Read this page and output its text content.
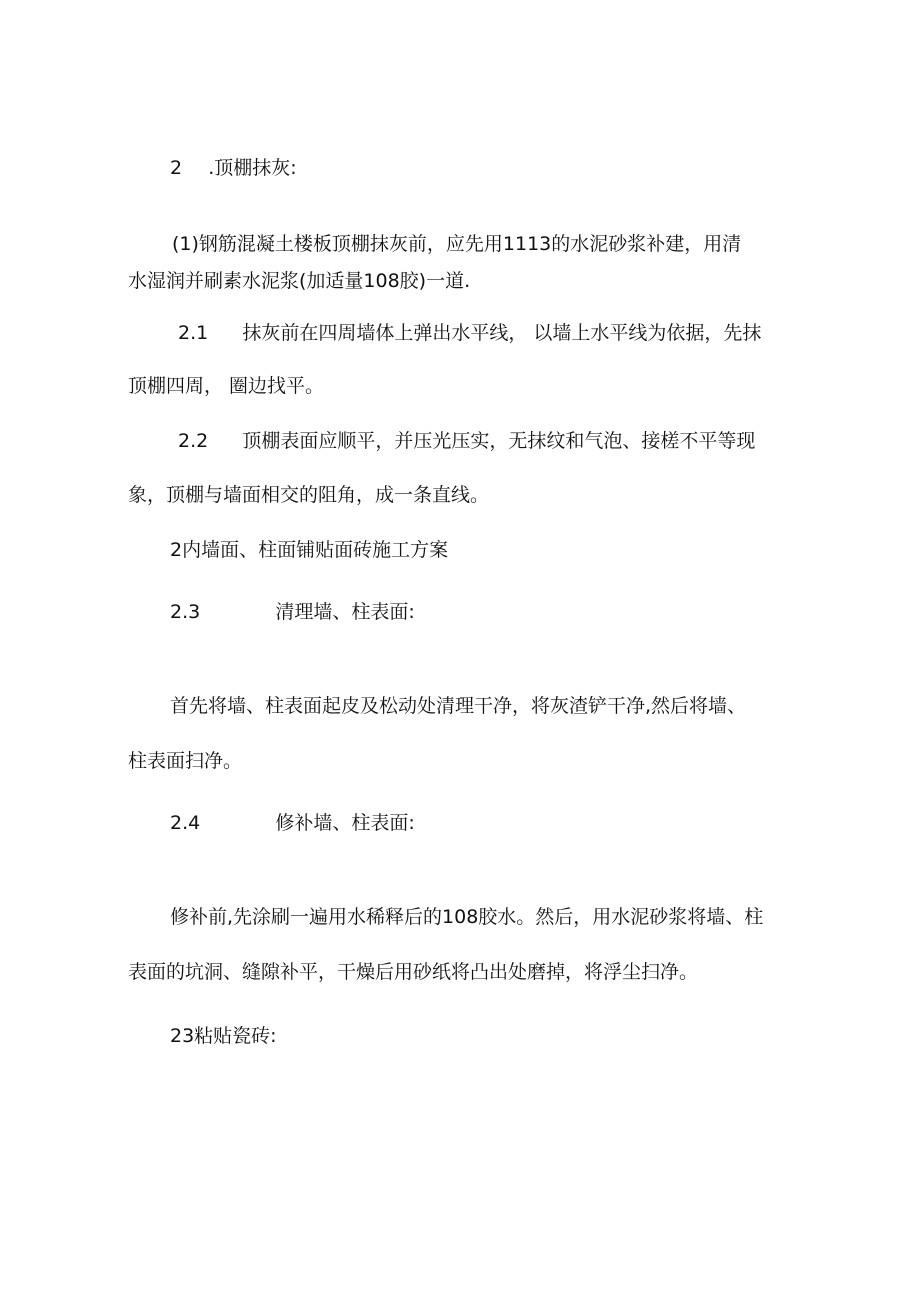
2 .顶棚抹灰:
(1)钢筋混凝土楼板顶棚抹灰前，应先用1113的水泥砂浆补建，用清
水湿润并刷素水泥浆(加适量108胶)一道.
2.1 抹灰前在四周墙体上弹出水平线， 以墙上水平线为依据，先抹
顶棚四周， 圈边找平。
2.2 顶棚表面应顺平，并压光压实，无抹纹和气泡、接槎不平等现
象，顶棚与墙面相交的阻角，成一条直线。
2内墙面、柱面铺贴面砖施工方案
2.3	清理墙、柱表面:
首先将墙、柱表面起皮及松动处清理干净，将灰渣铲干净,然后将墙、
柱表面扫净。
2.4	修补墙、柱表面:
修补前,先涂刷一遍用水稀释后的108胶水。然后，用水泥砂浆将墙、柱
表面的坑洞、缝隙补平，干燥后用砂纸将凸出处磨掉，将浮尘扫净。
23粘贴瓷砖:
